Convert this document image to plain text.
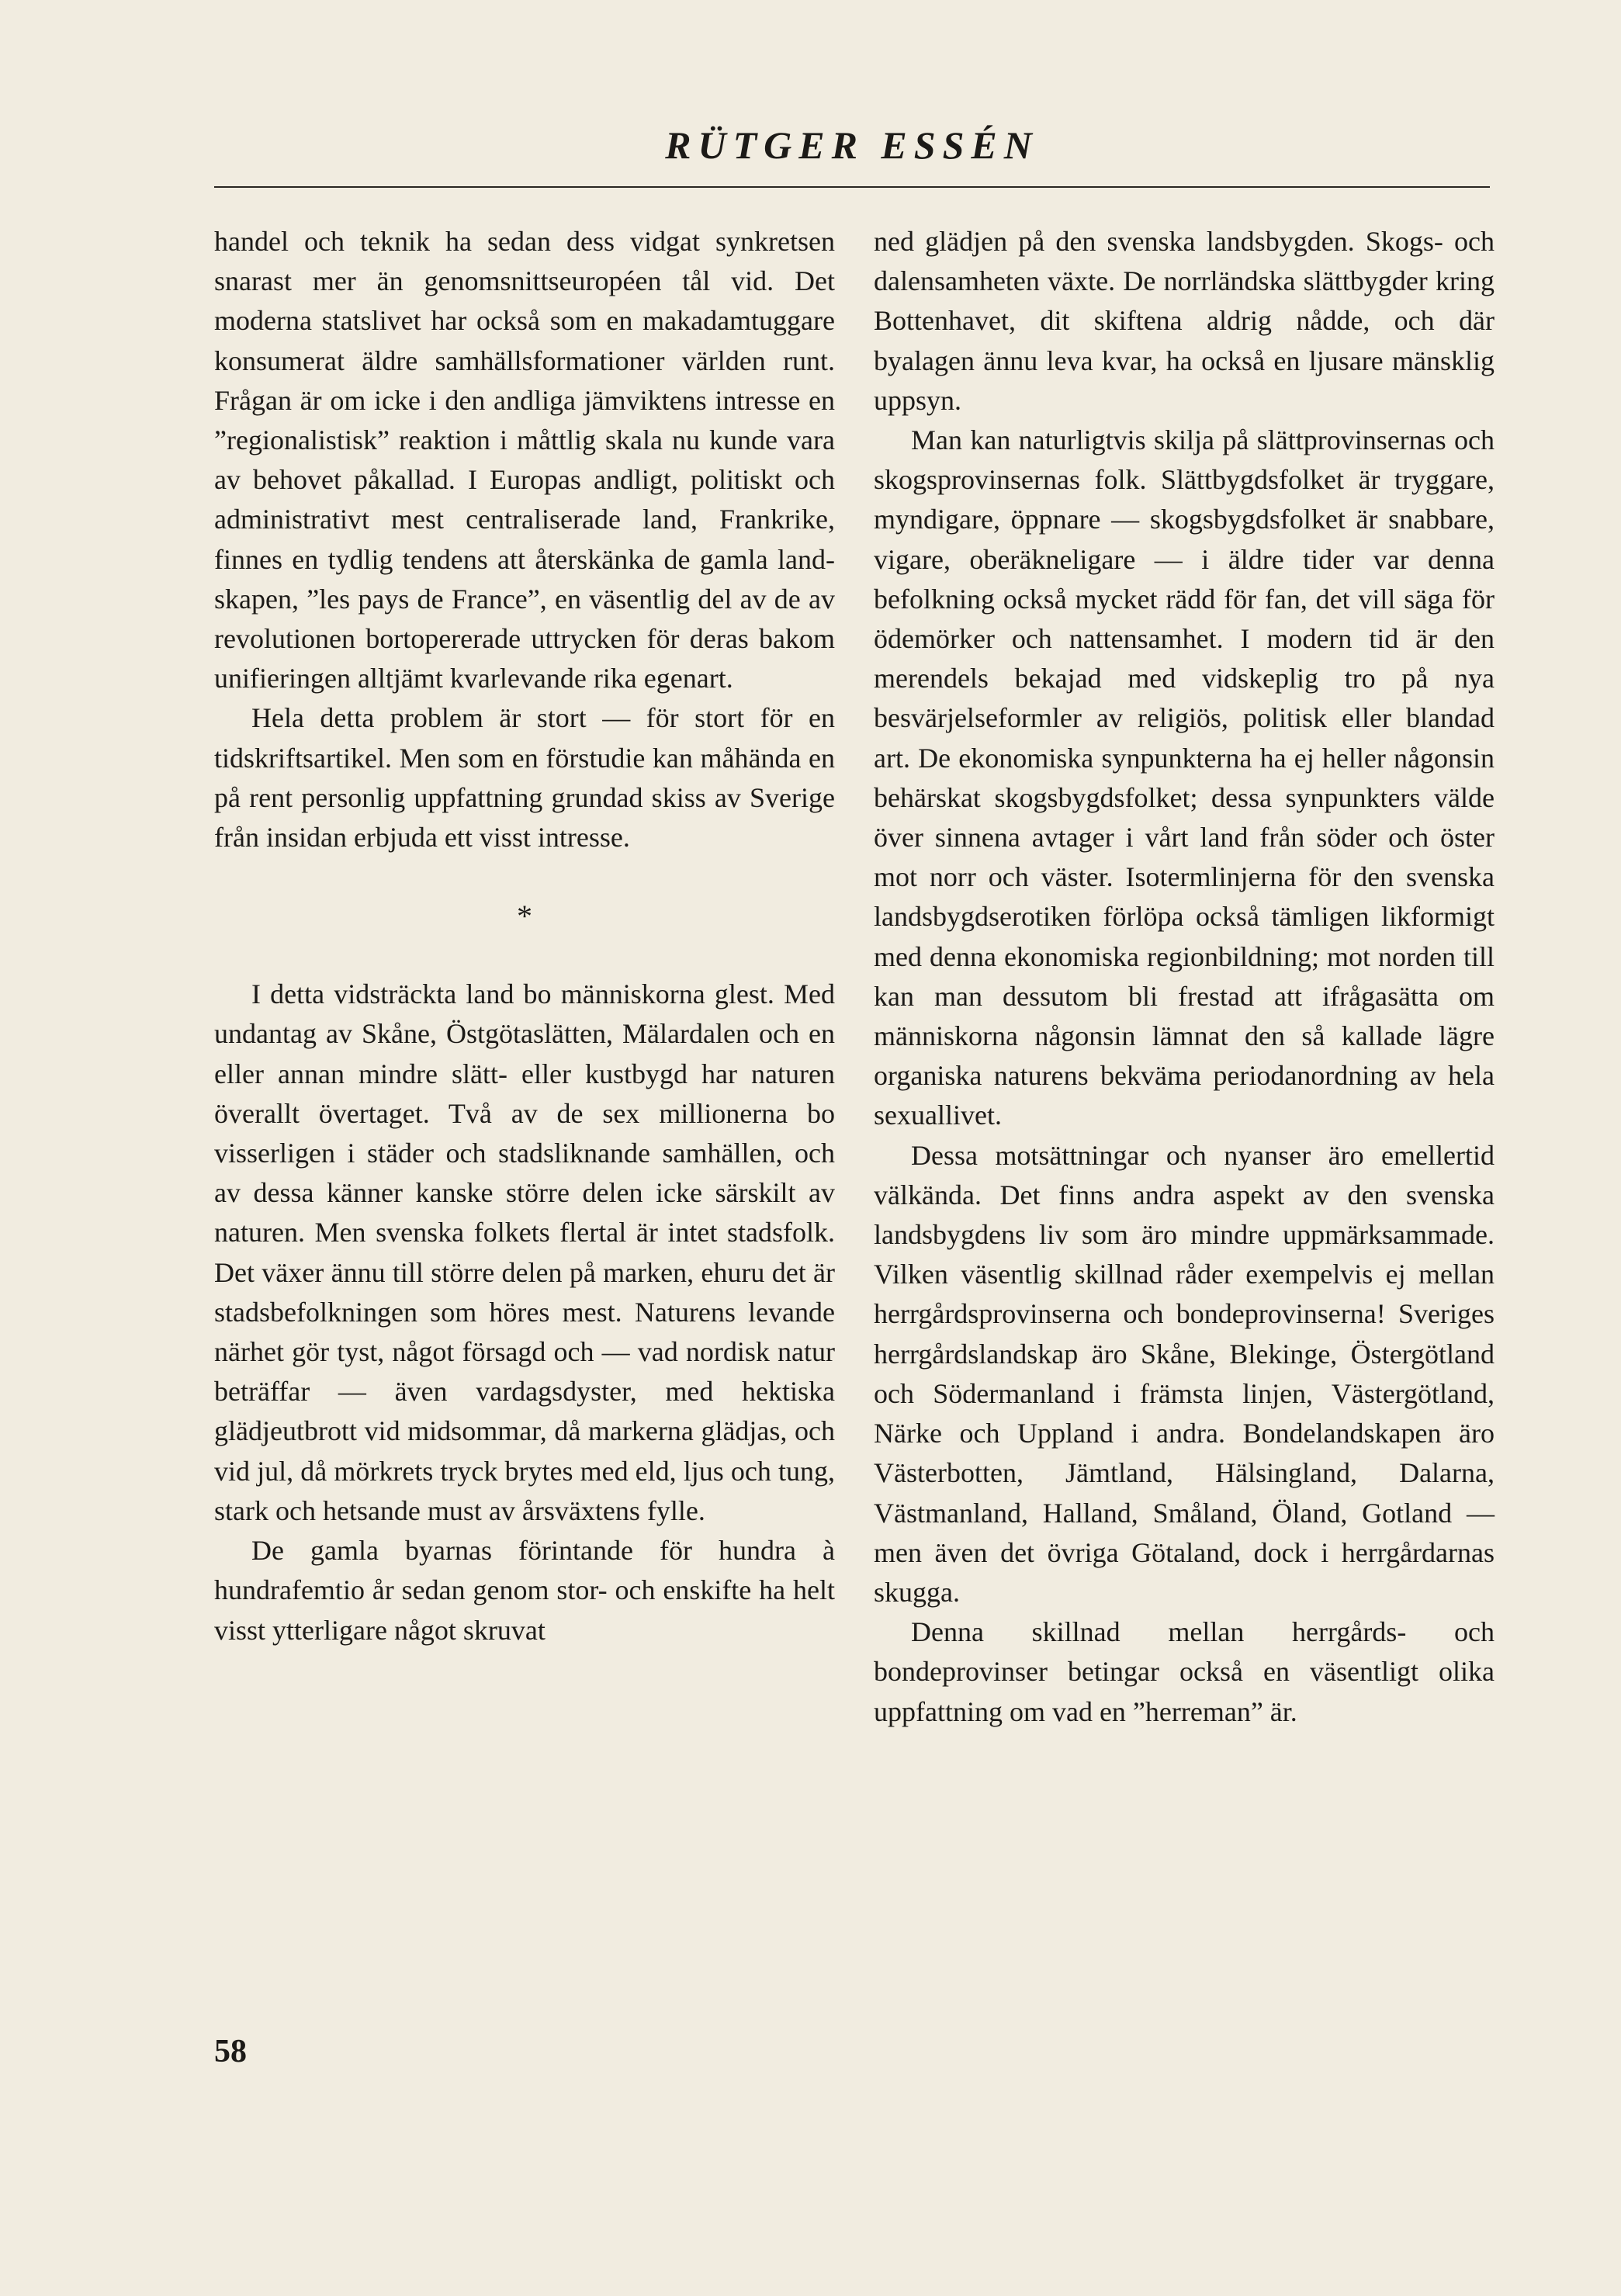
RÜTGER ESSÉN

handel och teknik ha sedan dess vidgat synkretsen snarast mer än genomsnittseuropéen tål vid. Det moderna statslivet har också som en makadamtuggare konsumerat äldre samhällsformationer världen runt. Frågan är om icke i den andliga jämviktens intresse en ”regionalistisk” reaktion i måttlig skala nu kunde vara av behovet påkallad. I Europas andligt, politiskt och administrativt mest centraliserade land, Frankrike, finnes en tydlig tendens att återskänka de gamla landskapen, ”les pays de France”, en väsentlig del av de av revolutionen bortopererade uttrycken för deras bakom unifieringen alltjämt kvarlevande rika egenart.

Hela detta problem är stort — för stort för en tidskriftsartikel. Men som en förstudie kan måhända en på rent personlig uppfattning grundad skiss av Sverige från insidan erbjuda ett visst intresse.

*

I detta vidsträckta land bo människorna glest. Med undantag av Skåne, Östgötaslätten, Mälardalen och en eller annan mindre slätt- eller kustbygd har naturen överallt övertaget. Två av de sex millionerna bo visserligen i städer och stadsliknande samhällen, och av dessa känner kanske större delen icke särskilt av naturen. Men svenska folkets flertal är intet stadsfolk. Det växer ännu till större delen på marken, ehuru det är stadsbefolkningen som höres mest. Naturens levande närhet gör tyst, något försagd och — vad nordisk natur beträffar — även vardagsdyster, med hektiska glädjeutbrott vid midsommar, då markerna glädjas, och vid jul, då mörkrets tryck brytes med eld, ljus och tung, stark och hetsande must av årsväxtens fylle.

De gamla byarnas förintande för hundra à hundrafemtio år sedan genom stor- och enskifte ha helt visst ytterligare något skruvat

ned glädjen på den svenska landsbygden. Skogs- och dalensamheten växte. De norrländska slättbygder kring Bottenhavet, dit skiftena aldrig nådde, och där byalagen ännu leva kvar, ha också en ljusare mänsklig uppsyn.

Man kan naturligtvis skilja på slättprovinsernas och skogsprovinsernas folk. Slättbygdsfolket är tryggare, myndigare, öppnare — skogsbygdsfolket är snabbare, vigare, oberäkneligare — i äldre tider var denna befolkning också mycket rädd för fan, det vill säga för ödemörker och nattensamhet. I modern tid är den merendels bekajad med vidskeplig tro på nya besvärjelseformler av religiös, politisk eller blandad art. De ekonomiska synpunkterna ha ej heller någonsin behärskat skogsbygdsfolket; dessa synpunkters välde över sinnena avtager i vårt land från söder och öster mot norr och väster. Isotermlinjerna för den svenska landsbygdserotiken förlöpa också tämligen likformigt med denna ekonomiska regionbildning; mot norden till kan man dessutom bli frestad att ifrågasätta om människorna någonsin lämnat den så kallade lägre organiska naturens bekväma periodanordning av hela sexuallivet.

Dessa motsättningar och nyanser äro emellertid välkända. Det finns andra aspekt av den svenska landsbygdens liv som äro mindre uppmärksammade. Vilken väsentlig skillnad råder exempelvis ej mellan herrgårdsprovinserna och bondeprovinserna! Sveriges herrgårdslandskap äro Skåne, Blekinge, Östergötland och Södermanland i främsta linjen, Västergötland, Närke och Uppland i andra. Bondelandskapen äro Västerbotten, Jämtland, Hälsingland, Dalarna, Västmanland, Halland, Småland, Öland, Gotland — men även det övriga Götaland, dock i herrgårdarnas skugga.

Denna skillnad mellan herrgårds- och bondeprovinser betingar också en väsentligt olika uppfattning om vad en ”herreman” är.

58
